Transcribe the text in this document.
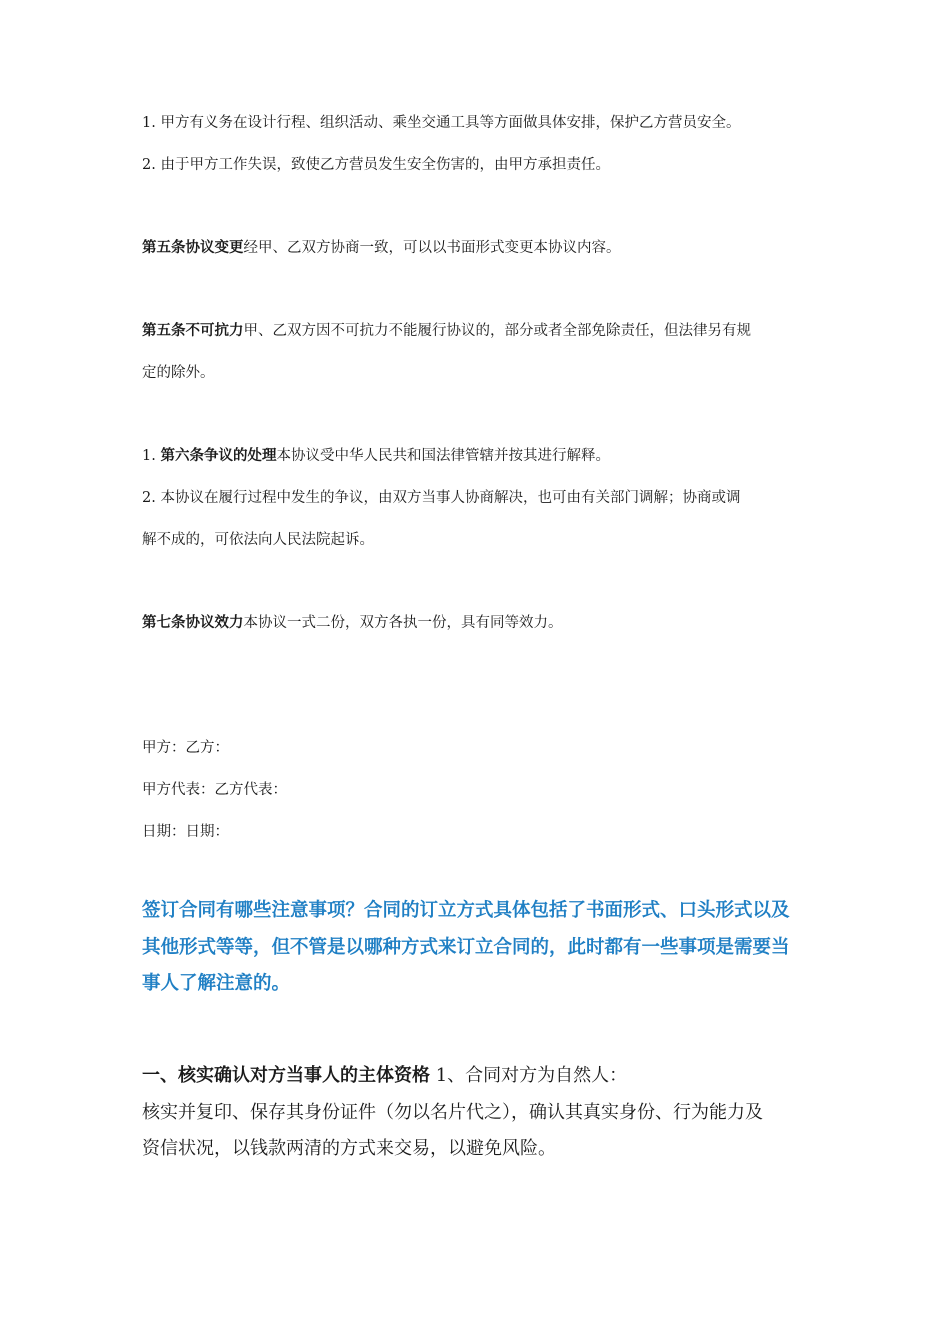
1. 甲方有义务在设计行程、组织活动、乘坐交通工具等方面做具体安排，保护乙方营员安全。
2. 由于甲方工作失误，致使乙方营员发生安全伤害的，由甲方承担责任。
第五条协议变更经甲、乙双方协商一致，可以以书面形式变更本协议内容。
第五条不可抗力甲、乙双方因不可抗力不能履行协议的，部分或者全部免除责任，但法律另有规
定的除外。
1. 第六条争议的处理本协议受中华人民共和国法律管辖并按其进行解释。
2. 本协议在履行过程中发生的争议，由双方当事人协商解决，也可由有关部门调解；协商或调
解不成的，可依法向人民法院起诉。
第七条协议效力本协议一式二份，双方各执一份，具有同等效力。
甲方：乙方：
甲方代表：乙方代表：
日期：日期：
签订合同有哪些注意事项？合同的订立方式具体包括了书面形式、口头形式以及
其他形式等等，但不管是以哪种方式来订立合同的，此时都有一些事项是需要当
事人了解注意的。
一、核实确认对方当事人的主体资格 1、合同对方为自然人：
核实并复印、保存其身份证件（勿以名片代之），确认其真实身份、行为能力及
资信状况，以钱款两清的方式来交易，以避免风险。
